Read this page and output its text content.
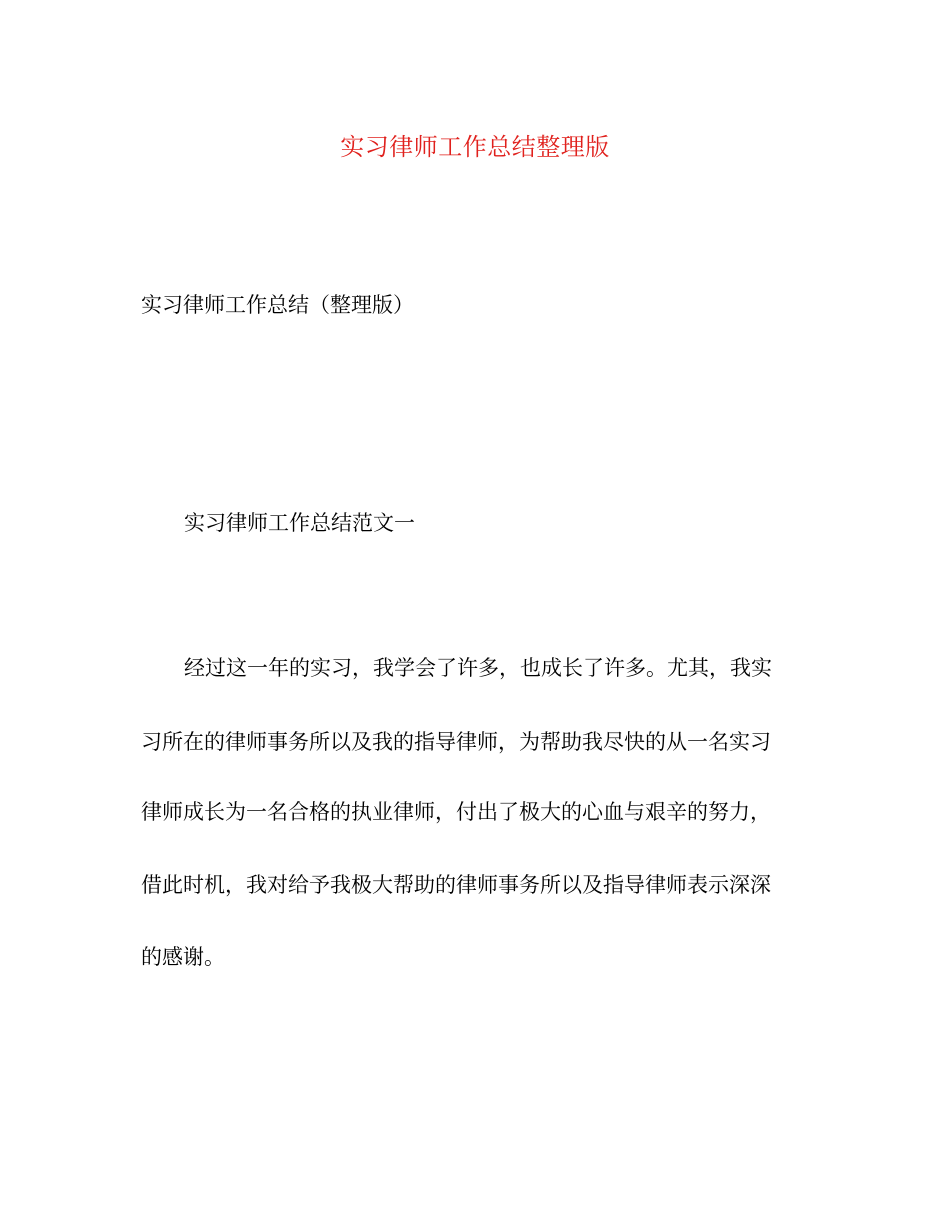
实习律师工作总结整理版
实习律师工作总结（整理版）
实习律师工作总结范文一
经过这一年的实习，我学会了许多，也成长了许多。尤其，我实
习所在的律师事务所以及我的指导律师，为帮助我尽快的从一名实习
律师成长为一名合格的执业律师，付出了极大的心血与艰辛的努力，
借此时机，我对给予我极大帮助的律师事务所以及指导律师表示深深
的感谢。
